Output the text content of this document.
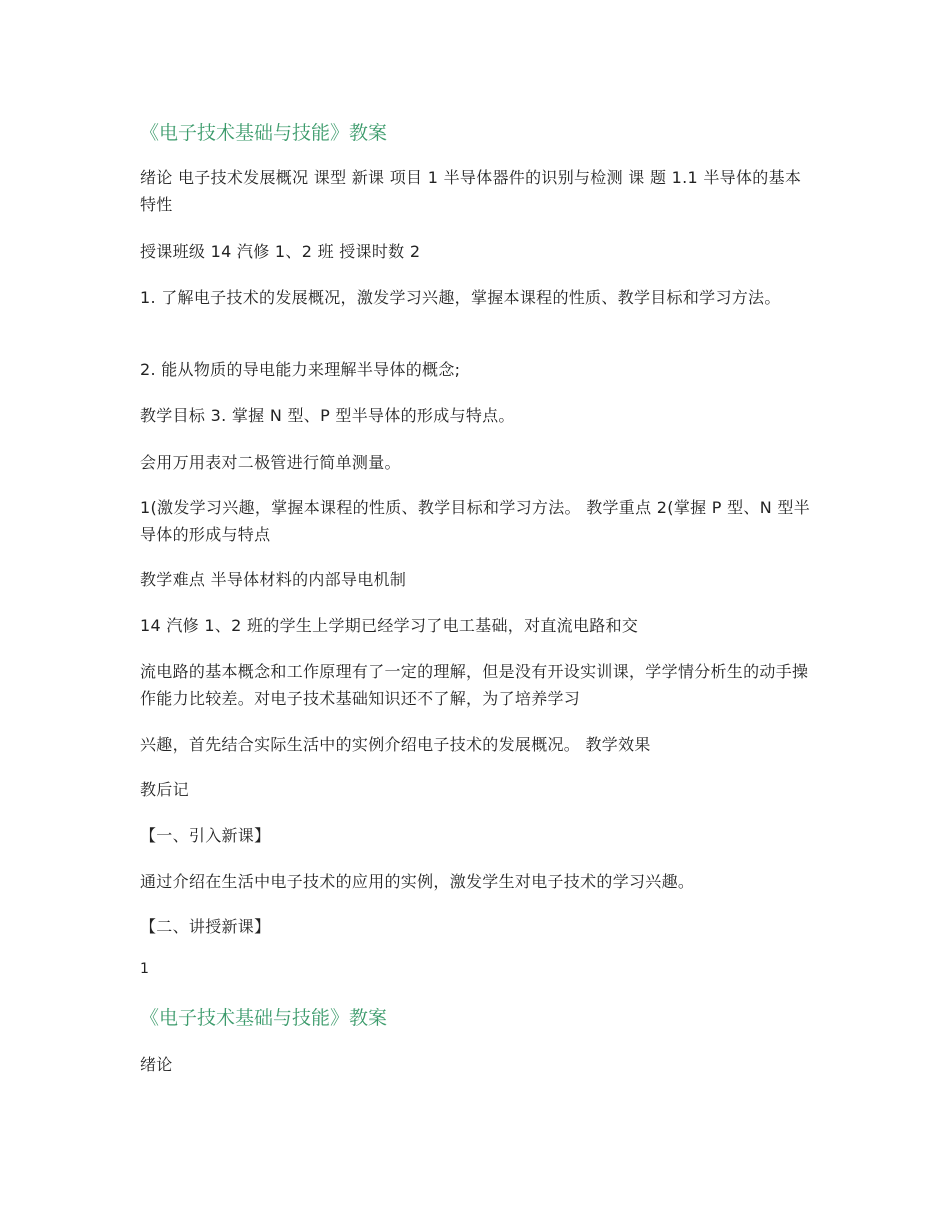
《电子技术基础与技能》教案
绪论 电子技术发展概况 课型 新课 项目 1 半导体器件的识别与检测 课 题 1.1 半导体的基本特性
授课班级 14 汽修 1、2 班 授课时数 2
1. 了解电子技术的发展概况，激发学习兴趣，掌握本课程的性质、教学目标和学习方法。
2. 能从物质的导电能力来理解半导体的概念;
教学目标 3. 掌握 N 型、P 型半导体的形成与特点。
会用万用表对二极管进行简单测量。
1(激发学习兴趣，掌握本课程的性质、教学目标和学习方法。 教学重点 2(掌握 P 型、N 型半导体的形成与特点
教学难点 半导体材料的内部导电机制
14 汽修 1、2 班的学生上学期已经学习了电工基础，对直流电路和交
流电路的基本概念和工作原理有了一定的理解，但是没有开设实训课，学学情分析生的动手操作能力比较差。对电子技术基础知识还不了解，为了培养学习
兴趣，首先结合实际生活中的实例介绍电子技术的发展概况。 教学效果
教后记
【一、引入新课】
通过介绍在生活中电子技术的应用的实例，激发学生对电子技术的学习兴趣。
【二、讲授新课】
1
《电子技术基础与技能》教案
绪论
